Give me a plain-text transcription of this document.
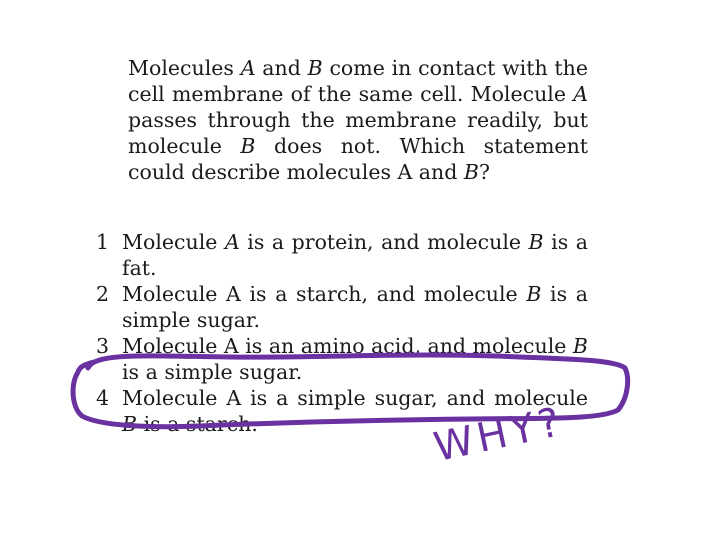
Molecules A and B come in contact with the cell membrane of the same cell. Molecule A passes through the membrane readily, but molecule B does not. Which statement could describe molecules A and B?
1 Molecule A is a protein, and molecule B is a fat.
2 Molecule A is a starch, and molecule B is a simple sugar.
3 Molecule A is an amino acid, and molecule B is a simple sugar.
4 Molecule A is a simple sugar, and molecule B is a starch.	WHY?
